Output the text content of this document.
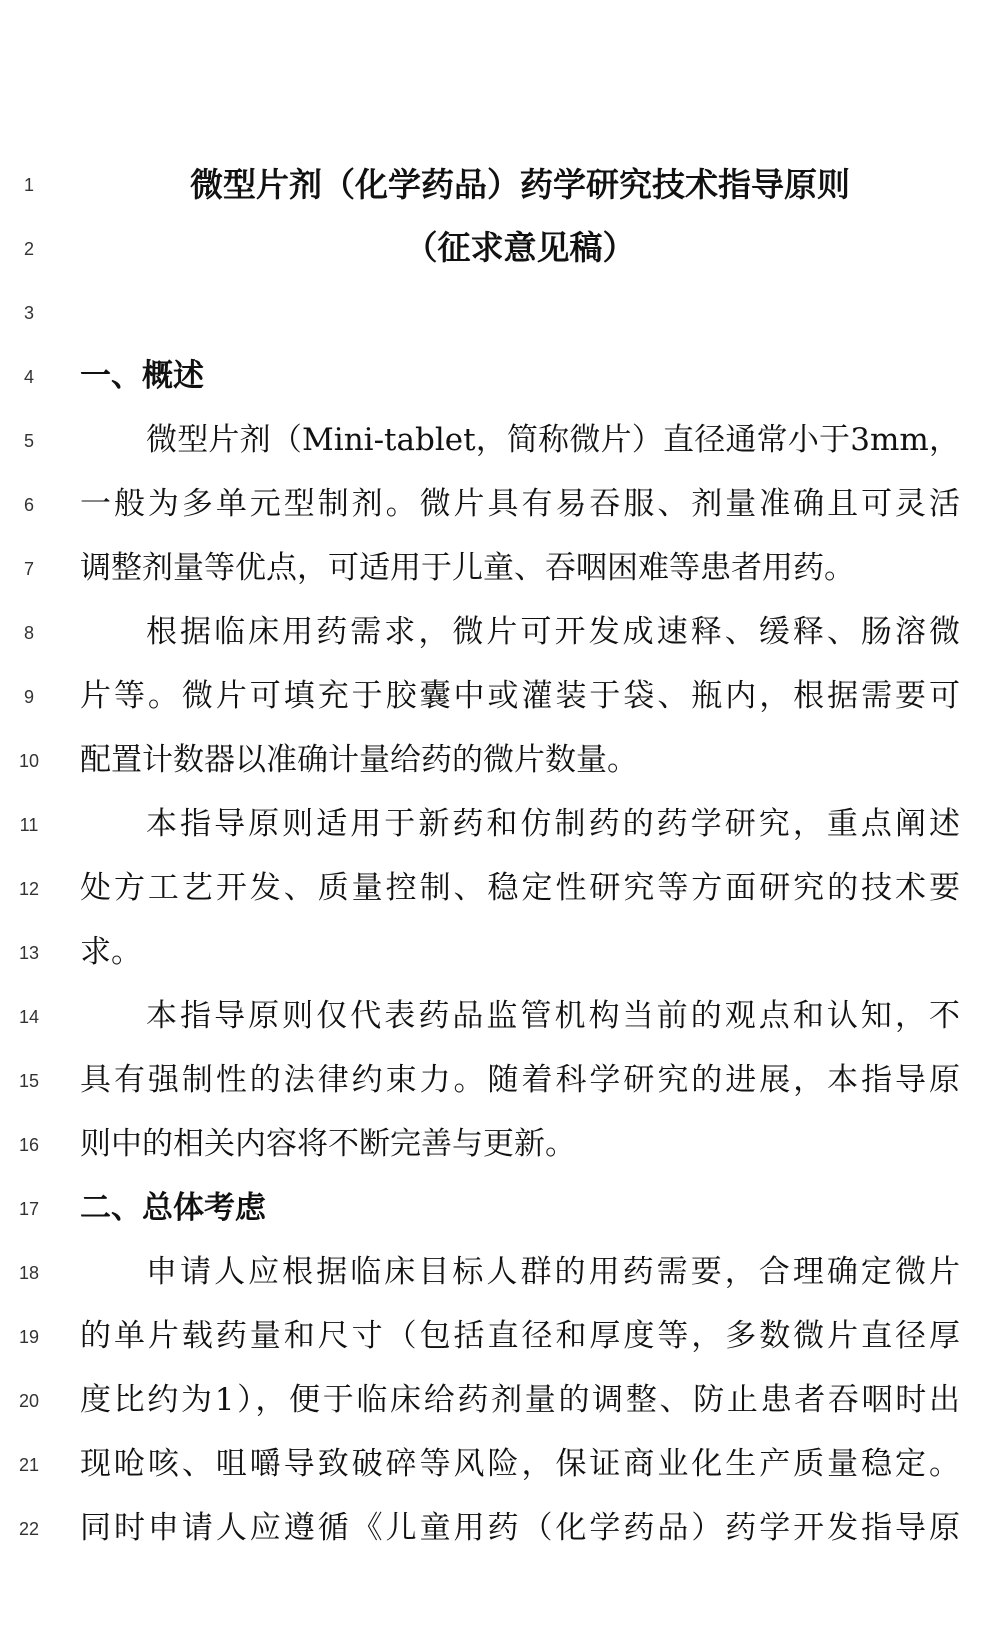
1
2
3
4
5
6
7
8
9
10
11
12
13
14
15
16
17
18
19
20
21
22
微型片剂（化学药品）药学研究技术指导原则
（征求意见稿）
一、概述
微型片剂（Mini-tablet，简称微片）直径通常小于3mm，
一般为多单元型制剂。微片具有易吞服、剂量准确且可灵活
调整剂量等优点，可适用于儿童、吞咽困难等患者用药。
根据临床用药需求，微片可开发成速释、缓释、肠溶微
片等。微片可填充于胶囊中或灌装于袋、瓶内，根据需要可
配置计数器以准确计量给药的微片数量。
本指导原则适用于新药和仿制药的药学研究，重点阐述
处方工艺开发、质量控制、稳定性研究等方面研究的技术要
求。
本指导原则仅代表药品监管机构当前的观点和认知，不
具有强制性的法律约束力。随着科学研究的进展，本指导原
则中的相关内容将不断完善与更新。
二、总体考虑
申请人应根据临床目标人群的用药需要，合理确定微片
的单片载药量和尺寸（包括直径和厚度等，多数微片直径厚
度比约为1），便于临床给药剂量的调整、防止患者吞咽时出
现呛咳、咀嚼导致破碎等风险，保证商业化生产质量稳定。
同时申请人应遵循《儿童用药（化学药品）药学开发指导原
